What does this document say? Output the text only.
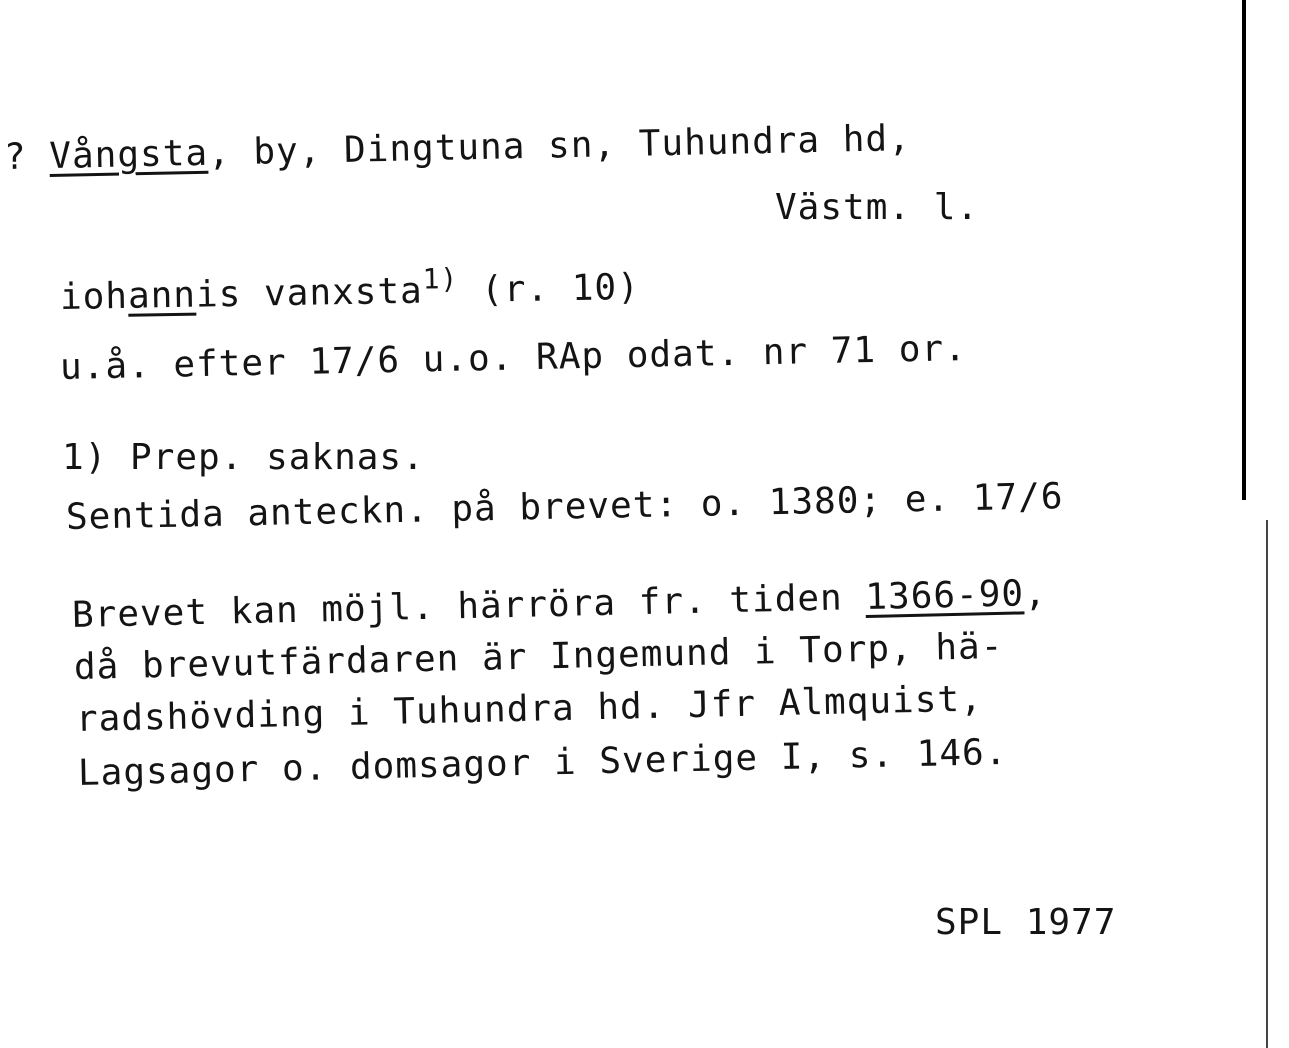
? Vångsta, by, Dingtuna sn, Tuhundra hd,
Västm. l.
iohannis vanxsta$^{1)}$ (r. 10)
u.å. efter 17/6 u.o. RAp odat. nr 71 or.
1) Prep. saknas.
Sentida anteckn. på brevet: o. 1380; e. 17/6
Brevet kan möjl. härröra fr. tiden 1366-90,
då brevutfärdaren är Ingemund i Torp, hä-
radshövding i Tuhundra hd. Jfr Almquist,
Lagsagor o. domsagor i Sverige I, s. 146.
SPL 1977
